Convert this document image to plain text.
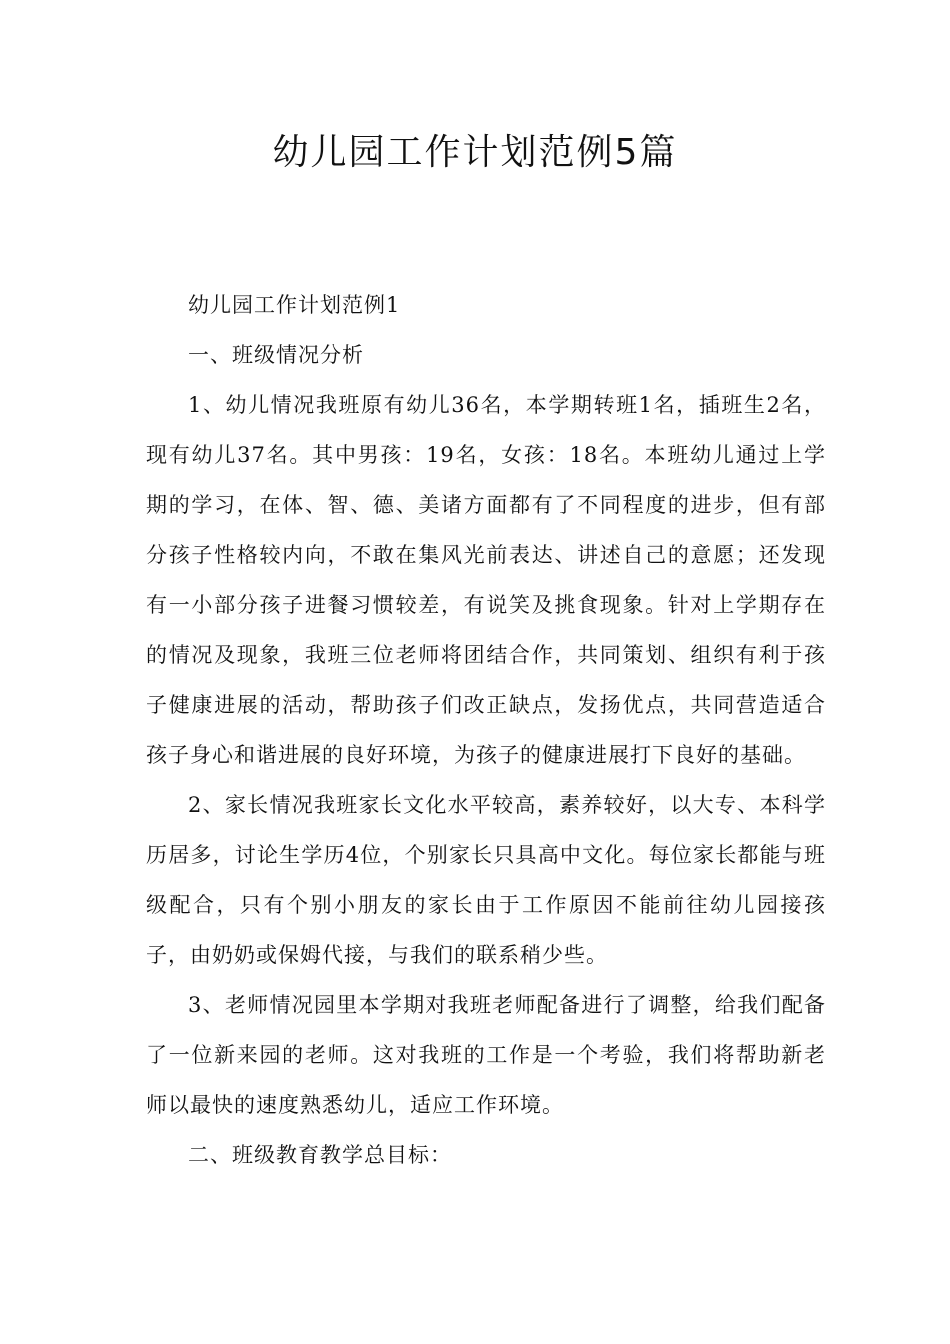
幼儿园工作计划范例5篇

幼儿园工作计划范例1

一、班级情况分析

1、幼儿情况我班原有幼儿36名，本学期转班1名，插班生2名，现有幼儿37名。其中男孩：19名，女孩：18名。本班幼儿通过上学期的学习，在体、智、德、美诸方面都有了不同程度的进步，但有部分孩子性格较内向，不敢在集风光前表达、讲述自己的意愿；还发现有一小部分孩子进餐习惯较差，有说笑及挑食现象。针对上学期存在的情况及现象，我班三位老师将团结合作，共同策划、组织有利于孩子健康进展的活动，帮助孩子们改正缺点，发扬优点，共同营造适合孩子身心和谐进展的良好环境，为孩子的健康进展打下良好的基础。

2、家长情况我班家长文化水平较高，素养较好，以大专、本科学历居多，讨论生学历4位，个别家长只具高中文化。每位家长都能与班级配合，只有个别小朋友的家长由于工作原因不能前往幼儿园接孩子，由奶奶或保姆代接，与我们的联系稍少些。

3、老师情况园里本学期对我班老师配备进行了调整，给我们配备了一位新来园的老师。这对我班的工作是一个考验，我们将帮助新老师以最快的速度熟悉幼儿，适应工作环境。

二、班级教育教学总目标：
